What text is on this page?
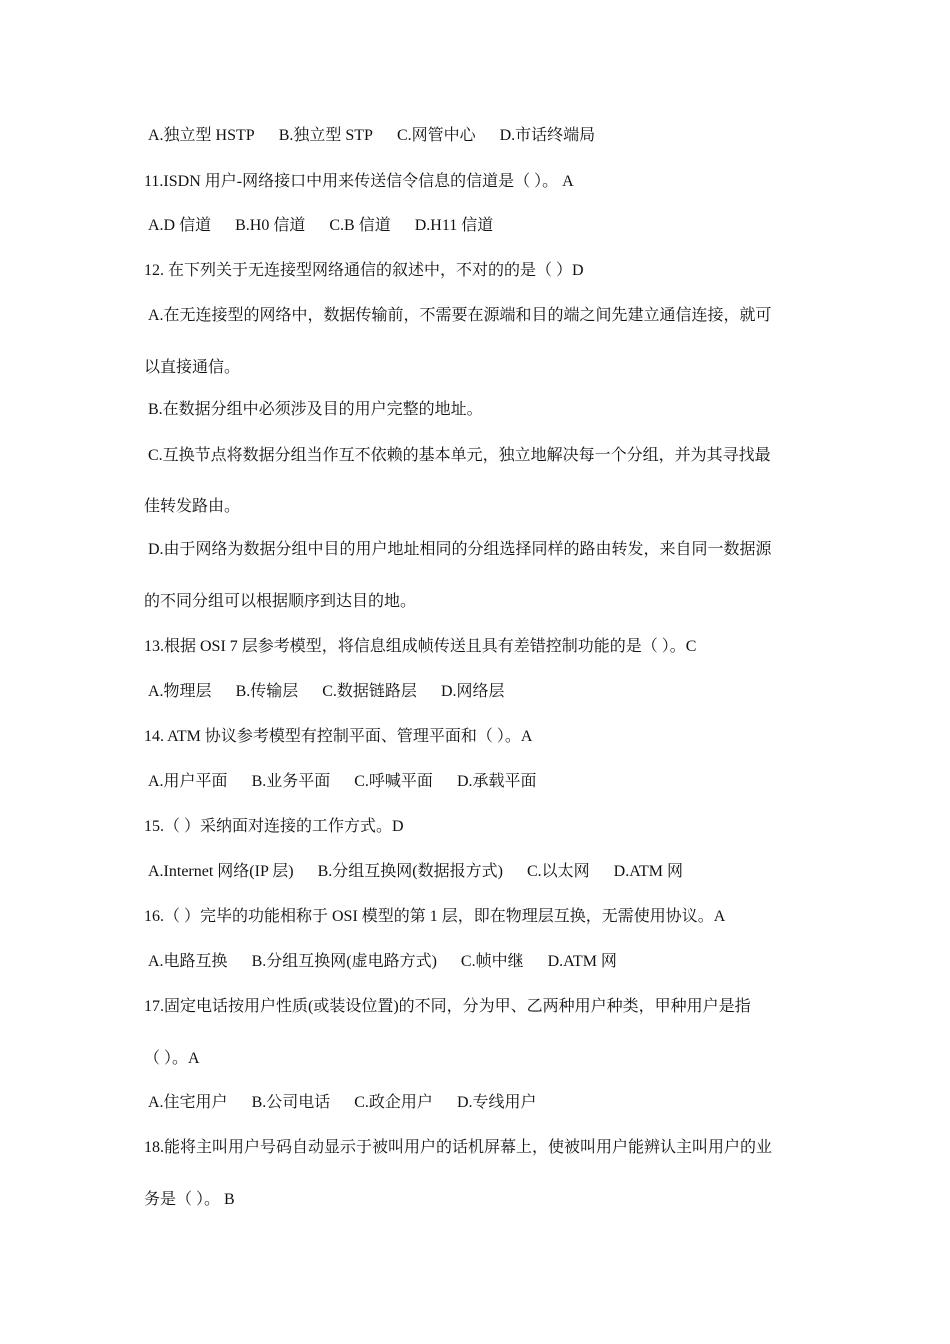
A.独立型 HSTP B.独立型 STP C.网管中心 D.市话终端局
11.ISDN 用户-网络接口中用来传送信令信息的信道是（ ）。 A
A.D 信道 B.H0 信道 C.B 信道 D.H11 信道
12. 在下列关于无连接型网络通信的叙述中，不对的的是（ ）D
A.在无连接型的网络中，数据传输前，不需要在源端和目的端之间先建立通信连接，就可
以直接通信。
B.在数据分组中必须涉及目的用户完整的地址。
C.互换节点将数据分组当作互不依赖的基本单元，独立地解决每一个分组，并为其寻找最
佳转发路由。
D.由于网络为数据分组中目的用户地址相同的分组选择同样的路由转发，来自同一数据源
的不同分组可以根据顺序到达目的地。
13.根据 OSI 7 层参考模型，将信息组成帧传送且具有差错控制功能的是（ ）。C
A.物理层 B.传输层 C.数据链路层 D.网络层
14. ATM 协议参考模型有控制平面、管理平面和（ ）。A
A.用户平面 B.业务平面 C.呼喊平面 D.承载平面
15.（ ）采纳面对连接的工作方式。D
A.Internet 网络(IP 层) B.分组互换网(数据报方式) C.以太网 D.ATM 网
16.（ ）完毕的功能相称于 OSI 模型的第 1 层，即在物理层互换，无需使用协议。A
A.电路互换 B.分组互换网(虚电路方式) C.帧中继 D.ATM 网
17.固定电话按用户性质(或装设位置)的不同，分为甲、乙两种用户种类，甲种用户是指
（ ）。A
A.住宅用户 B.公司电话 C.政企用户 D.专线用户
18.能将主叫用户号码自动显示于被叫用户的话机屏幕上，使被叫用户能辨认主叫用户的业
务是（ ）。 B
